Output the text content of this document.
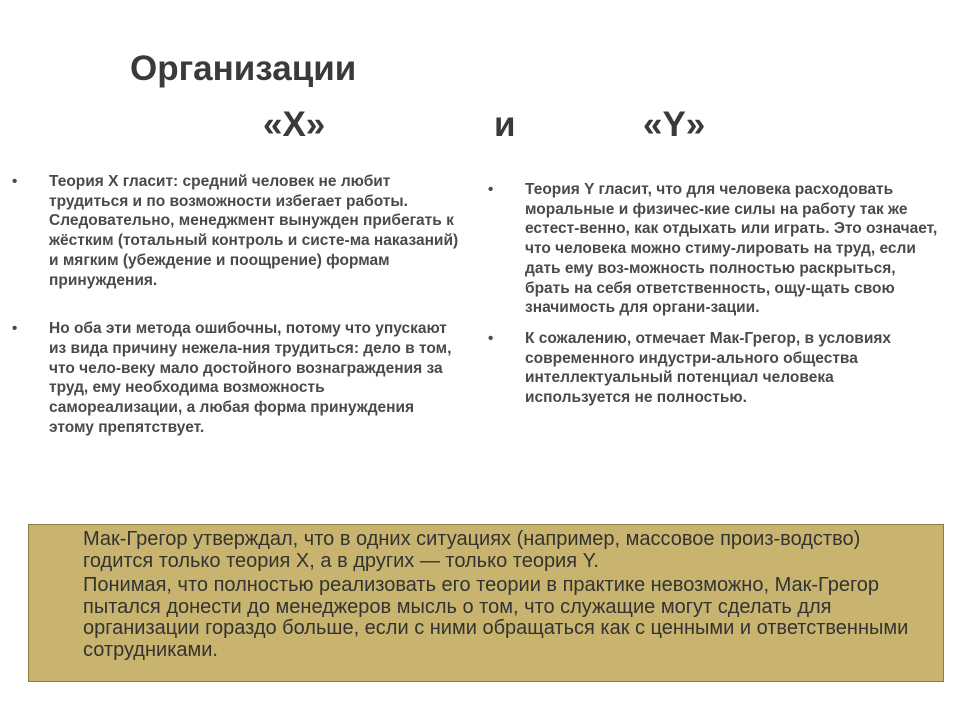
Организации
«X»	и	«Y»
• Теория X гласит: средний человек не любит трудиться и по возможности избегает работы. Следовательно, менеджмент вынужден прибегать к жёстким (тотальный контроль и систе-ма наказаний) и мягким (убеждение и поощрение) формам принуждения.
• Но оба эти метода ошибочны, потому что упускают из вида причину нежела-ния трудиться: дело в том, что чело-веку мало достойного вознаграждения за труд, ему необходима возможность самореализации, а любая форма принуждения этому препятствует.
• Теория Y гласит, что для человека расходовать моральные и физичес-кие силы на работу так же естест-венно, как отдыхать или играть. Это означает, что человека можно стиму-лировать на труд, если дать ему воз-можность полностью раскрыться, брать на себя ответственность, ощу-щать свою значимость для органи-зации.
• К сожалению, отмечает Мак-Грегор, в условиях современного индустри-ального общества интеллектуальный потенциал человека используется не полностью.

Мак-Грегор утверждал, что в одних ситуациях (например, массовое произ-водство) годится только теория X, а в других — только теория Y.

Понимая, что полностью реализовать его теории в практике невозможно, Мак-Грегор пытался донести до менеджеров мысль о том, что служащие могут сделать для организации гораздо больше, если с ними обращаться как с ценными и ответственными сотрудниками.
